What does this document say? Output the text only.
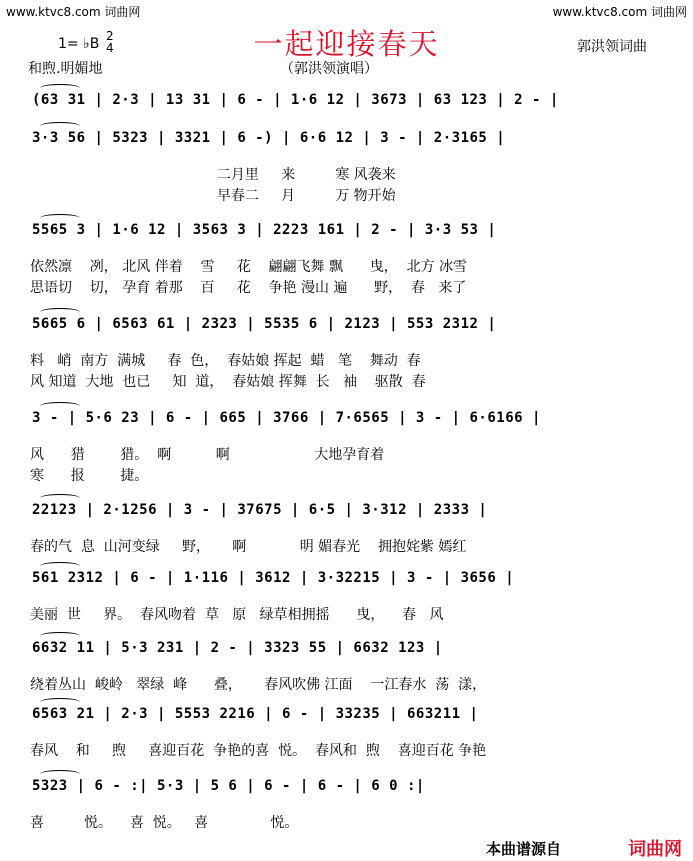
www.ktvc8.com 词曲网	www.ktvc8.com 词曲网
一起迎接春天
1= ♭B 2
4	郭洪领词曲
和煦.明媚地	（郭洪领演唱）
(63 31 | 2·3 | 13 31 | 6 - | 1·6 12 | 3673 | 63 123 | 2 - |
3·3 56 | 5323 | 3321 | 6 -) | 6·6 12 | 3 - | 2·3165 |
二月里     来         寒 风袭来
早春二     月         万 物开始
5565 3 | 1·6 12 | 3563 3 | 2223 161 | 2 - | 3·3 53 |
依然凛    冽， 北风 伴着    雪     花    翩翩飞舞 飘      曳，  北方 冰雪
思语切    切， 孕育 着那    百     花    争艳 漫山 遍      野，  春   来了
5665 6 | 6563 61 | 2323 | 5535 6 | 2123 | 553 2312 |
料   峭  南方  满城     春  色，  春姑娘 挥起  蜡   笔    舞动  春
风 知道  大地  也已     知  道，  春姑娘 挥舞  长   袖    驱散  春
3 - | 5·6 23 | 6 - | 665 | 3766 | 7·6565 | 3 - | 6·6166 |
风      猎        猎。  啊          啊                   大地孕育着
寒      报        捷。
22123 | 2·1256 | 3 - | 37675 | 6·5 | 3·312 | 2333 |
春的气  息  山河变绿     野，     啊            明 媚春光    拥抱姹紫 嫣红
561 2312 | 6 - | 1·116 | 3612 | 3·32215 | 3 - | 3656 |
美丽  世     界。  春风吻着  草   原   绿草相拥摇      曳，    春   风
6632 11 | 5·3 231 | 2 - | 3323 55 | 6632 123 |
绕着丛山  峻岭   翠绿  峰      叠，     春风吹佛 江面    一江春水  荡  漾，
6563 21 | 2·3 | 5553 2216 | 6 - | 33235 | 663211 |
春风    和     煦     喜迎百花  争艳的喜  悦。  春风和  煦    喜迎百花 争艳
5323 | 6 - :| 5·3 | 5 6 | 6 - | 6 - | 6 0 :|
喜         悦。    喜  悦。   喜              悦。
本曲谱源自	词曲网
